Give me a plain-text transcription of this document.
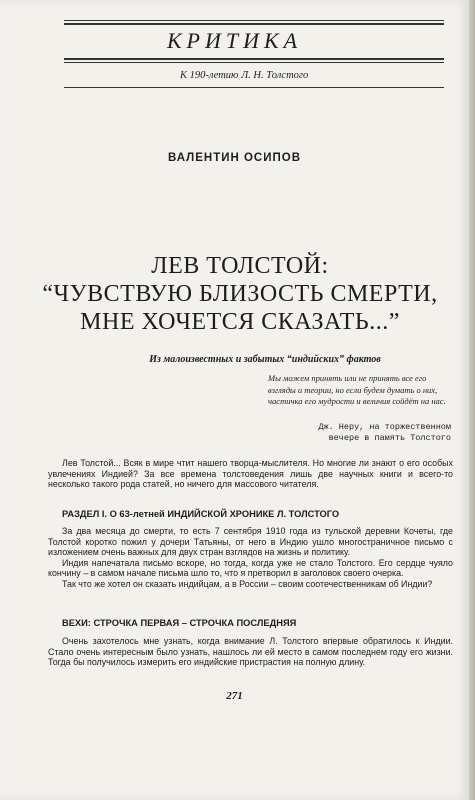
КРИТИКА
К 190-летию Л. Н. Толстого
ВАЛЕНТИН ОСИПОВ
ЛЕВ ТОЛСТОЙ:
“ЧУВСТВУЮ БЛИЗОСТЬ СМЕРТИ,
МНЕ ХОЧЕТСЯ СКАЗАТЬ...”
Из малоизвестных и забытых “индийских” фактов
Мы можем принять или не принять все его взгляды и теории, но если будем думать о них, частичка его мудрости и величия сойдёт на нас.
Дж. Неру, на торжественном
вечере в память Толстого

Лев Толстой... Всяк в мире чтит нашего творца-мыслителя. Но многие ли знают о его особых увлечениях Индией? За все времена толстоведения лишь две научных книги и всего-то несколько такого рода статей, но ничего для массового читателя.

РАЗДЕЛ I. О 63-летней ИНДИЙСКОЙ ХРОНИКЕ Л. ТОЛСТОГО

За два месяца до смерти, то есть 7 сентября 1910 года из тульской деревни Кочеты, где Толстой коротко пожил у дочери Татьяны, от него в Индию ушло многостраничное письмо с изложением очень важных для двух стран взглядов на жизнь и политику.

Индия напечатала письмо вскоре, но тогда, когда уже не стало Толстого. Его сердце чуяло кончину – в самом начале письма шло то, что я претворил в заголовок своего очерка.

Так что же хотел он сказать индийцам, а в России – своим соотечественникам об Индии?

ВЕХИ: СТРОЧКА ПЕРВАЯ – СТРОЧКА ПОСЛЕДНЯЯ

Очень захотелось мне узнать, когда внимание Л. Толстого впервые обратилось к Индии. Стало очень интересным было узнать, нашлось ли ей место в самом последнем году его жизни. Тогда бы получилось измерить его индийские пристрастия на полную длину.

271
